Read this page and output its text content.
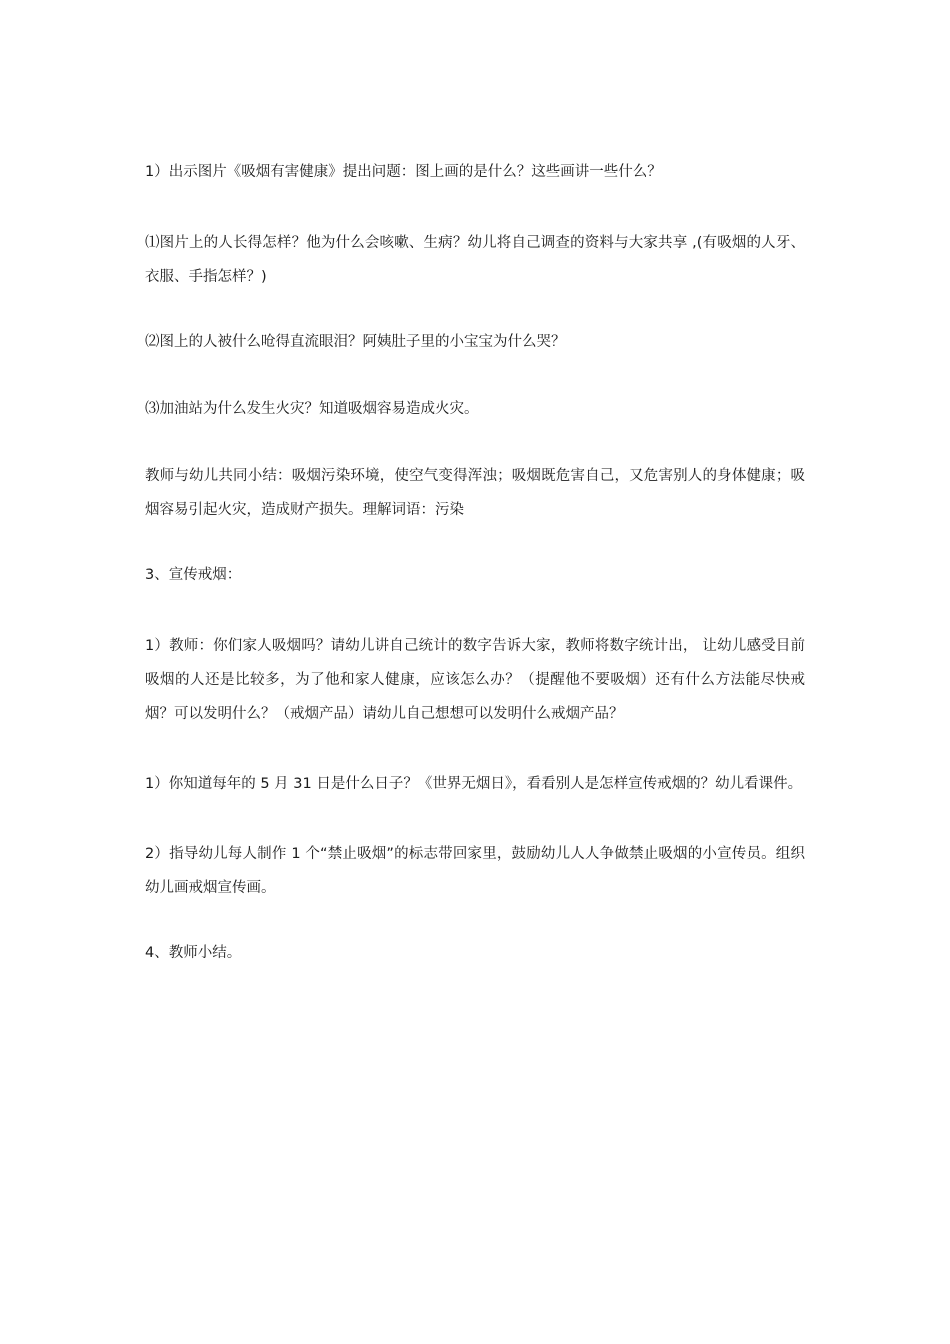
1）出示图片《吸烟有害健康》提出问题：图上画的是什么？这些画讲一些什么？

⑴图片上的人长得怎样？他为什么会咳嗽、生病？幼儿将自己调查的资料与大家共享 ,(有吸烟的人牙、衣服、手指怎样？)

⑵图上的人被什么呛得直流眼泪？阿姨肚子里的小宝宝为什么哭？

⑶加油站为什么发生火灾？知道吸烟容易造成火灾。

教师与幼儿共同小结：吸烟污染环境，使空气变得浑浊；吸烟既危害自己，又危害别人的身体健康；吸烟容易引起火灾，造成财产损失。理解词语：污染

3、宣传戒烟：

1）教师：你们家人吸烟吗？请幼儿讲自己统计的数字告诉大家，教师将数字统计出， 让幼儿感受目前吸烟的人还是比较多，为了他和家人健康，应该怎么办？（提醒他不要吸烟）还有什么方法能尽快戒烟？可以发明什么？（戒烟产品）请幼儿自己想想可以发明什么戒烟产品？

1）你知道每年的 5 月 31 日是什么日子？《世界无烟日》，看看别人是怎样宣传戒烟的？幼儿看课件。

2）指导幼儿每人制作 1 个“禁止吸烟”的标志带回家里，鼓励幼儿人人争做禁止吸烟的小宣传员。组织幼儿画戒烟宣传画。

4、教师小结。
